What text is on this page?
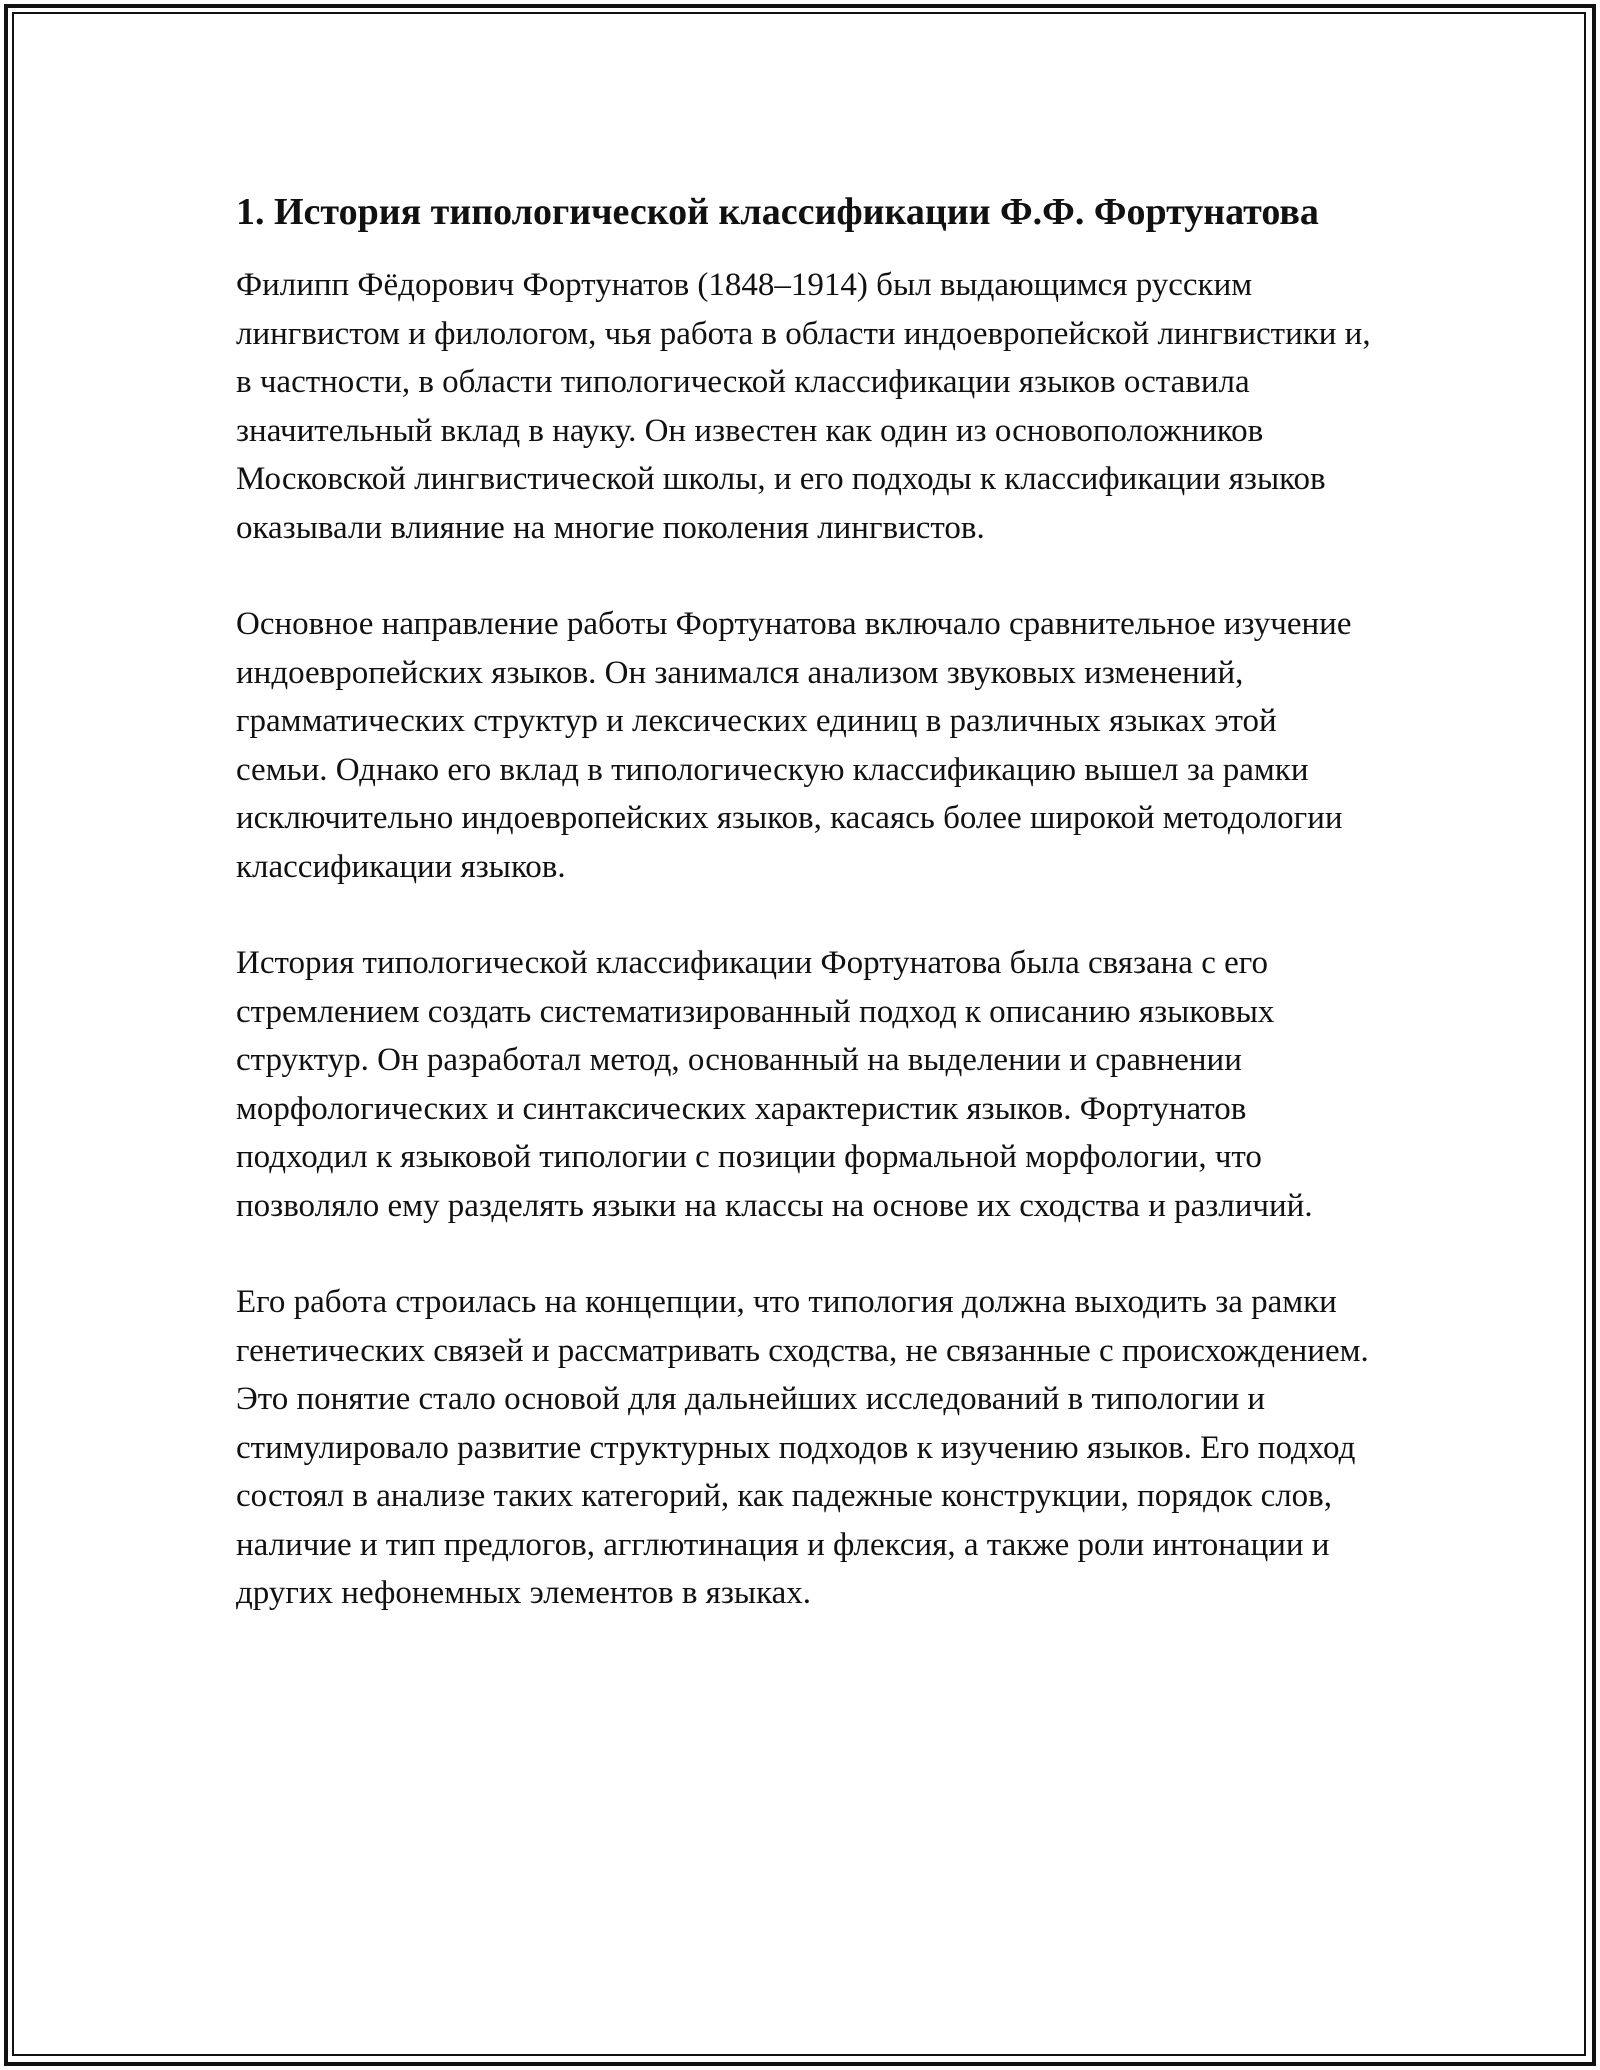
1. История типологической классификации Ф.Ф. Фортунатова

Филипп Фёдорович Фортунатов (1848–1914) был выдающимся русским лингвистом и филологом, чья работа в области индоевропейской лингвистики и, в частности, в области типологической классификации языков оставила значительный вклад в науку. Он известен как один из основоположников Московской лингвистической школы, и его подходы к классификации языков оказывали влияние на многие поколения лингвистов.

Основное направление работы Фортунатова включало сравнительное изучение индоевропейских языков. Он занимался анализом звуковых изменений, грамматических структур и лексических единиц в различных языках этой семьи. Однако его вклад в типологическую классификацию вышел за рамки исключительно индоевропейских языков, касаясь более широкой методологии классификации языков.

История типологической классификации Фортунатова была связана с его стремлением создать систематизированный подход к описанию языковых структур. Он разработал метод, основанный на выделении и сравнении морфологических и синтаксических характеристик языков. Фортунатов подходил к языковой типологии с позиции формальной морфологии, что позволяло ему разделять языки на классы на основе их сходства и различий.

Его работа строилась на концепции, что типология должна выходить за рамки генетических связей и рассматривать сходства, не связанные с происхождением. Это понятие стало основой для дальнейших исследований в типологии и стимулировало развитие структурных подходов к изучению языков. Его подход состоял в анализе таких категорий, как падежные конструкции, порядок слов, наличие и тип предлогов, агглютинация и флексия, а также роли интонации и других нефонемных элементов в языках.
